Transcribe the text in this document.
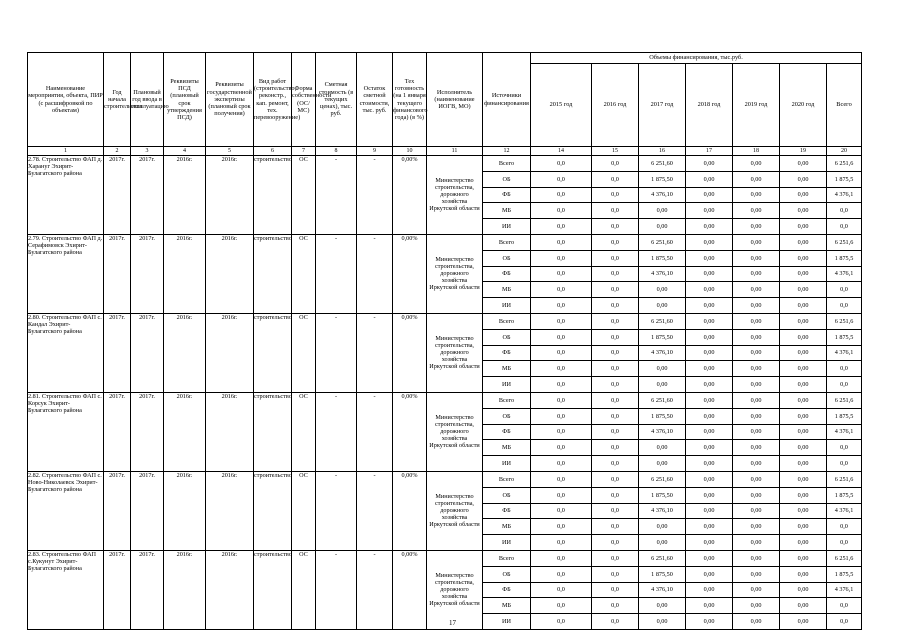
Наименование мероприятия, объекта, ПИР (с расшифровкой по объектам)	Год начала строительства	Плановый год ввода в эксплуатацию	Реквизиты ПСД (плановый срок утверждения ПСД)	Реквизиты государственной экспертизы (плановый срок получения)	Вид работ (строительство, реконстр., кап. ремонт, тех. перевооружение)	Форма собственности (ОС/МС)	Сметная стоимость (в текущих ценах), тыс. руб.	Остаток сметной стоимости, тыс. руб.	Тех готовность (на 1 января текущего финансового года) (в %)	Исполнитель (наименование ИОГВ, МО)	Источники финансирования	Объемы финансирования, тыс.руб.						
												2015 год	2016 год	2017 год	2018 год	2019 год	2020 год	Всего
1	2	3	4	5	6	7	8	9	10	11	12	14	15	16	17	18	19	20
2.78. Строительство ФАП д. Харануг Эхирит-Булагатского района	2017г.	2017г.	2016г.	2016г.	строительство	ОС	-	-	0,00%	Министерство строительства, дорожного хозяйства Иркутской области	Всего	0,0	0,0	6 251,60	0,00	0,00	0,00	6 251,6
											ОБ	0,0	0,0	1 875,50	0,00	0,00	0,00	1 875,5
											ФБ	0,0	0,0	4 376,10	0,00	0,00	0,00	4 376,1
											МБ	0,0	0,0	0,00	0,00	0,00	0,00	0,0
											ИИ	0,0	0,0	0,00	0,00	0,00	0,00	0,0
2.79. Строительство ФАП д. Серафимовск Эхирит-Булагатского района	2017г.	2017г.	2016г.	2016г.	строительство	ОС	-	-	0,00%	Министерство строительства, дорожного хозяйства Иркутской области	Всего	0,0	0,0	6 251,60	0,00	0,00	0,00	6 251,6
											ОБ	0,0	0,0	1 875,50	0,00	0,00	0,00	1 875,5
											ФБ	0,0	0,0	4 376,10	0,00	0,00	0,00	4 376,1
											МБ	0,0	0,0	0,00	0,00	0,00	0,00	0,0
											ИИ	0,0	0,0	0,00	0,00	0,00	0,00	0,0
2.80. Строительство ФАП с. Кандал Эхирит-Булагатского района	2017г.	2017г.	2016г.	2016г.	строительство	ОС	-	-	0,00%	Министерство строительства, дорожного хозяйства Иркутской области	Всего	0,0	0,0	6 251,60	0,00	0,00	0,00	6 251,6
											ОБ	0,0	0,0	1 875,50	0,00	0,00	0,00	1 875,5
											ФБ	0,0	0,0	4 376,10	0,00	0,00	0,00	4 376,1
											МБ	0,0	0,0	0,00	0,00	0,00	0,00	0,0
											ИИ	0,0	0,0	0,00	0,00	0,00	0,00	0,0
2.81. Строительство ФАП с. Корсук Эхирит-Булагатского района	2017г.	2017г.	2016г.	2016г.	строительство	ОС	-	-	0,00%	Министерство строительства, дорожного хозяйства Иркутской области	Всего	0,0	0,0	6 251,60	0,00	0,00	0,00	6 251,6
											ОБ	0,0	0,0	1 875,50	0,00	0,00	0,00	1 875,5
											ФБ	0,0	0,0	4 376,10	0,00	0,00	0,00	4 376,1
											МБ	0,0	0,0	0,00	0,00	0,00	0,00	0,0
											ИИ	0,0	0,0	0,00	0,00	0,00	0,00	0,0
2.82. Строительство ФАП с. Ново-Николаевск Эхирит-Булагатского района	2017г.	2017г.	2016г.	2016г.	строительство	ОС	-	-	0,00%	Министерство строительства, дорожного хозяйства Иркутской области	Всего	0,0	0,0	6 251,60	0,00	0,00	0,00	6 251,6
											ОБ	0,0	0,0	1 875,50	0,00	0,00	0,00	1 875,5
											ФБ	0,0	0,0	4 376,10	0,00	0,00	0,00	4 376,1
											МБ	0,0	0,0	0,00	0,00	0,00	0,00	0,0
											ИИ	0,0	0,0	0,00	0,00	0,00	0,00	0,0
2.83. Строительство ФАП с.Кукунут Эхирит-Булагатского района	2017г.	2017г.	2016г.	2016г.	строительство	ОС	-	-	0,00%	Министерство строительства, дорожного хозяйства Иркутской области	Всего	0,0	0,0	6 251,60	0,00	0,00	0,00	6 251,6
											ОБ	0,0	0,0	1 875,50	0,00	0,00	0,00	1 875,5
											ФБ	0,0	0,0	4 376,10	0,00	0,00	0,00	4 376,1
											МБ	0,0	0,0	0,00	0,00	0,00	0,00	0,0
											ИИ	0,0	0,0	0,00	0,00	0,00	0,00	0,0
17
